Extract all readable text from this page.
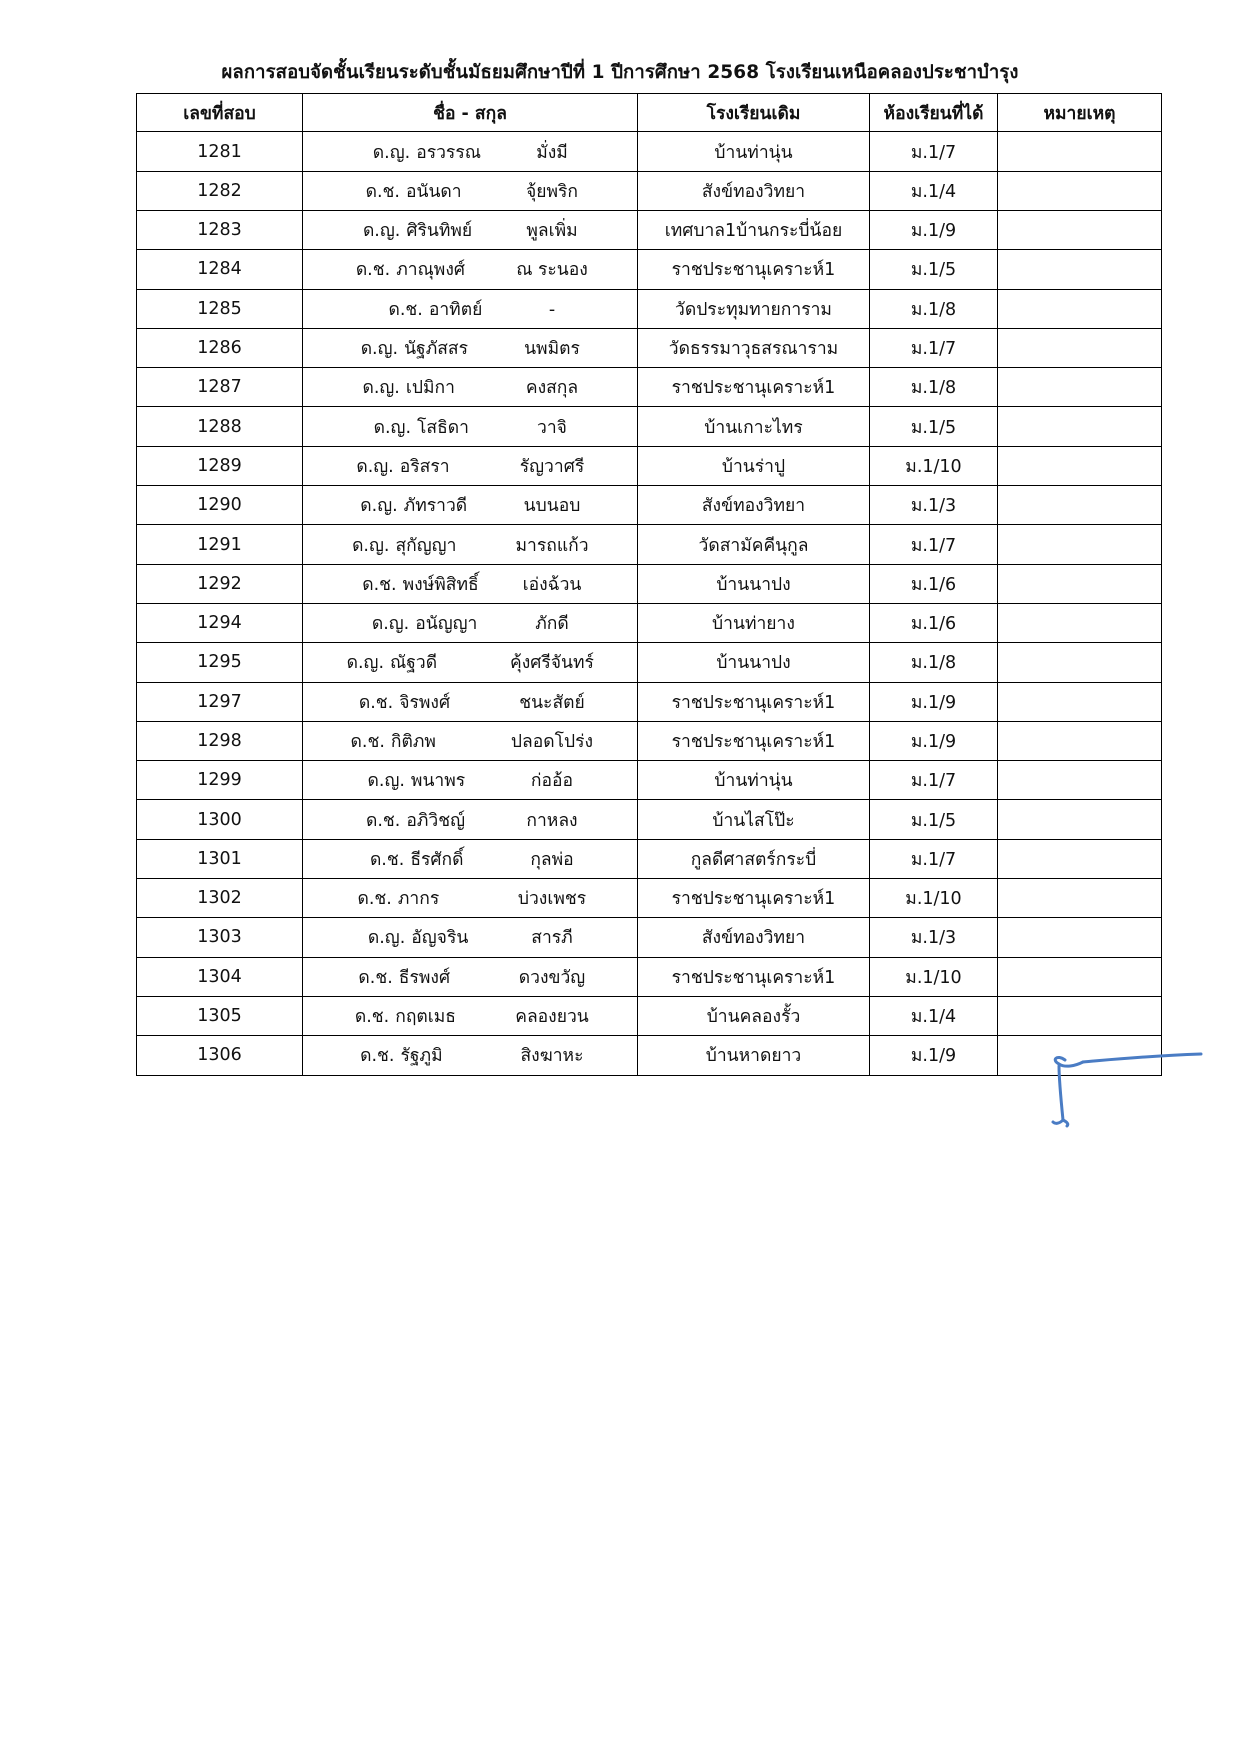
ผลการสอบจัดชั้นเรียนระดับชั้นมัธยมศึกษาปีที่ 1 ปีการศึกษา 2568 โรงเรียนเหนือคลองประชาบำรุง
เลขที่สอบ	ชื่อ - สกุล	โรงเรียนเดิม	ห้องเรียนที่ได้	หมายเหตุ
1281	ด.ญ. อรวรรณ มั่งมี	บ้านท่านุ่น	ม.1/7	
1282	ด.ช. อนันดา จุ้ยพริก	สังข์ทองวิทยา	ม.1/4	
1283	ด.ญ. ศิรินทิพย์ พูลเพิ่ม	เทศบาล1บ้านกระบี่น้อย	ม.1/9	
1284	ด.ช. ภาณุพงศ์ ณ ระนอง	ราชประชานุเคราะห์1	ม.1/5	
1285	ด.ช. อาทิตย์ -	วัดประทุมทายการาม	ม.1/8	
1286	ด.ญ. นัฐภัสสร นพมิตร	วัดธรรมาวุธสรณาราม	ม.1/7	
1287	ด.ญ. เปมิกา คงสกุล	ราชประชานุเคราะห์1	ม.1/8	
1288	ด.ญ. โสธิดา วาจิ	บ้านเกาะไทร	ม.1/5	
1289	ด.ญ. อริสรา รัญวาศรี	บ้านร่าปู	ม.1/10	
1290	ด.ญ. ภัทราวดี นบนอบ	สังข์ทองวิทยา	ม.1/3	
1291	ด.ญ. สุกัญญา มารถแก้ว	วัดสามัคคีนุกูล	ม.1/7	
1292	ด.ช. พงษ์พิสิทธิ์ เอ่งฉ้วน	บ้านนาปง	ม.1/6	
1294	ด.ญ. อนัญญา ภักดี	บ้านท่ายาง	ม.1/6	
1295	ด.ญ. ณัฐวดี คุ้งศรีจันทร์	บ้านนาปง	ม.1/8	
1297	ด.ช. จิรพงศ์ ชนะสัตย์	ราชประชานุเคราะห์1	ม.1/9	
1298	ด.ช. กิติภพ ปลอดโปร่ง	ราชประชานุเคราะห์1	ม.1/9	
1299	ด.ญ. พนาพร ก่ออ้อ	บ้านท่านุ่น	ม.1/7	
1300	ด.ช. อภิวิชญ์ กาหลง	บ้านไสโป๊ะ	ม.1/5	
1301	ด.ช. ธีรศักดิ์ กุลพ่อ	กูลดีศาสตร์กระบี่	ม.1/7	
1302	ด.ช. ภากร บ่วงเพชร	ราชประชานุเคราะห์1	ม.1/10	
1303	ด.ญ. อัญจริน สารภี	สังข์ทองวิทยา	ม.1/3	
1304	ด.ช. ธีรพงศ์ ดวงขวัญ	ราชประชานุเคราะห์1	ม.1/10	
1305	ด.ช. กฤตเมธ คลองยวน	บ้านคลองรั้ว	ม.1/4	
1306	ด.ช. รัฐภูมิ สิงฆาหะ	บ้านหาดยาว	ม.1/9	
